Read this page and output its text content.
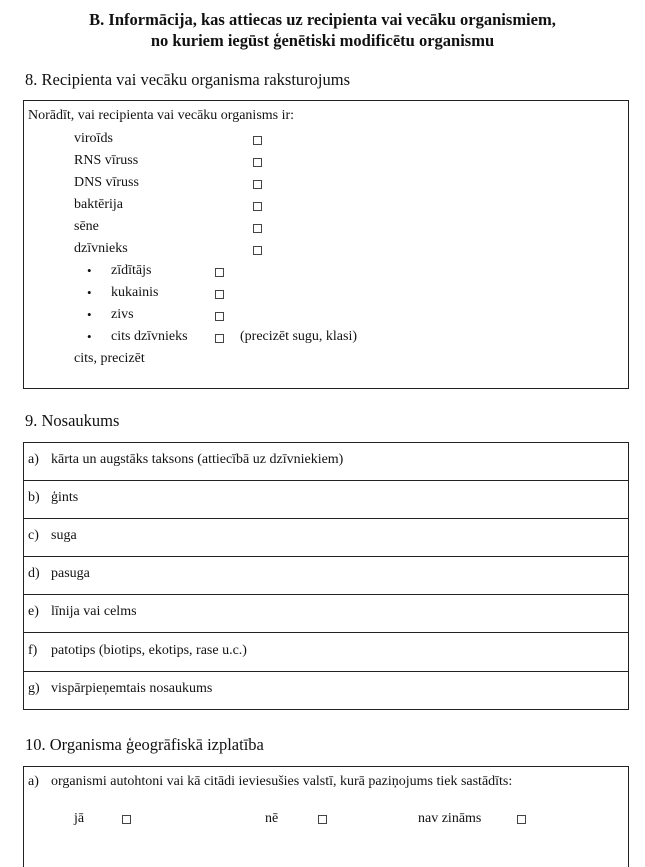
B. Informācija, kas attiecas uz recipienta vai vecāku organismiem,
no kuriem iegūst ģenētiski modificētu organismu
8. Recipienta vai vecāku organisma raksturojums
Norādīt, vai recipienta vai vecāku organisms ir:
viroīds
RNS vīruss
DNS vīruss
baktērija
sēne
dzīvnieks
• zīdītājs
• kukainis
• zivs
• cits dzīvnieks	(precizēt sugu, klasi)
cits, precizēt
9. Nosaukums
a) kārta un augstāks taksons (attiecībā uz dzīvniekiem)
b) ģints
c) suga
d) pasuga
e) līnija vai celms
f) patotips (biotips, ekotips, rase u.c.)
g) vispārpieņemtais nosaukums
10. Organisma ģeogrāfiskā izplatība
a) organismi autohtoni vai kā citādi ieviesušies valstī, kurā paziņojums tiek sastādīts:
jā	nē	nav zināms
